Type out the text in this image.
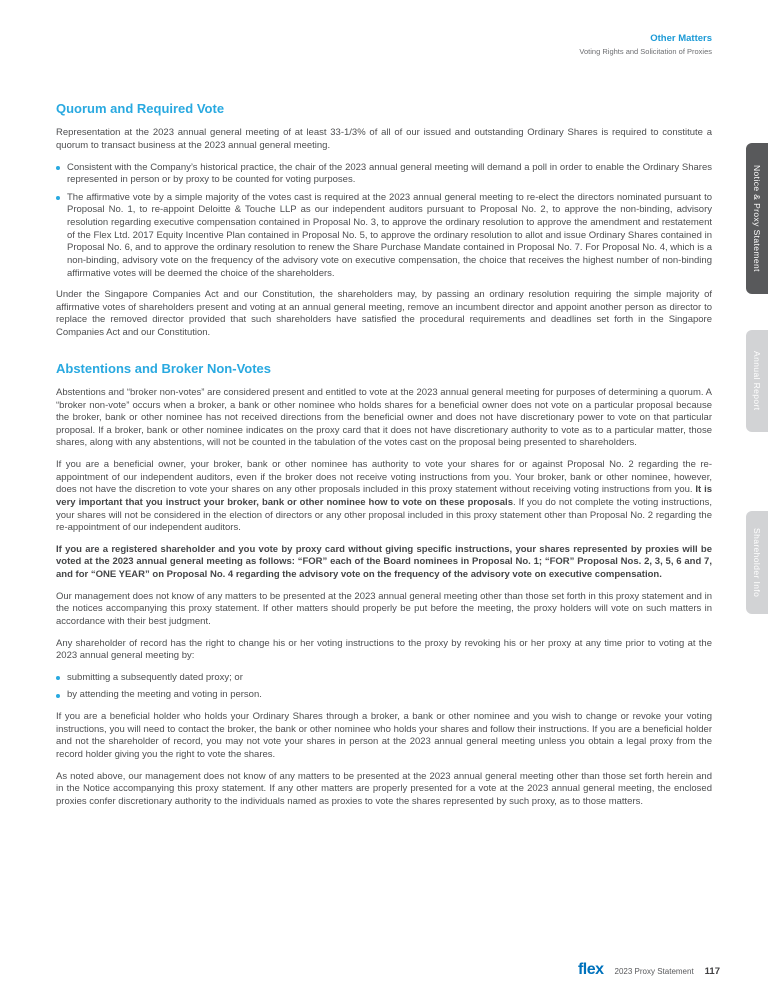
Other Matters
Voting Rights and Solicitation of Proxies
Quorum and Required Vote

Representation at the 2023 annual general meeting of at least 33-1/3% of all of our issued and outstanding Ordinary Shares is required to constitute a quorum to transact business at the 2023 annual general meeting.

Consistent with the Company’s historical practice, the chair of the 2023 annual general meeting will demand a poll in order to enable the Ordinary Shares represented in person or by proxy to be counted for voting purposes.
The affirmative vote by a simple majority of the votes cast is required at the 2023 annual general meeting to re-elect the directors nominated pursuant to Proposal No. 1, to re-appoint Deloitte & Touche LLP as our independent auditors pursuant to Proposal No. 2, to approve the non-binding, advisory resolution regarding executive compensation contained in Proposal No. 3, to approve the ordinary resolution to approve the amendment and restatement of the Flex Ltd. 2017 Equity Incentive Plan contained in Proposal No. 5, to approve the ordinary resolution to allot and issue Ordinary Shares contained in Proposal No. 6, and to approve the ordinary resolution to renew the Share Purchase Mandate contained in Proposal No. 7. For Proposal No. 4, which is a non-binding, advisory vote on the frequency of the advisory vote on executive compensation, the choice that receives the highest number of non-binding affirmative votes will be deemed the choice of the shareholders.

Under the Singapore Companies Act and our Constitution, the shareholders may, by passing an ordinary resolution requiring the simple majority of affirmative votes of shareholders present and voting at an annual general meeting, remove an incumbent director and appoint another person as director to replace the removed director provided that such shareholders have satisfied the procedural requirements and deadlines set forth in the Singapore Companies Act and our Constitution.

Abstentions and Broker Non-Votes

Abstentions and “broker non-votes” are considered present and entitled to vote at the 2023 annual general meeting for purposes of determining a quorum. A “broker non-vote” occurs when a broker, a bank or other nominee who holds shares for a beneficial owner does not vote on a particular proposal because the broker, bank or other nominee has not received directions from the beneficial owner and does not have discretionary power to vote on that particular proposal. If a broker, bank or other nominee indicates on the proxy card that it does not have discretionary authority to vote as to a particular matter, those shares, along with any abstentions, will not be counted in the tabulation of the votes cast on the proposal being presented to shareholders.

If you are a beneficial owner, your broker, bank or other nominee has authority to vote your shares for or against Proposal No. 2 regarding the re-appointment of our independent auditors, even if the broker does not receive voting instructions from you. Your broker, bank or other nominee, however, does not have the discretion to vote your shares on any other proposals included in this proxy statement without receiving voting instructions from you. It is very important that you instruct your broker, bank or other nominee how to vote on these proposals. If you do not complete the voting instructions, your shares will not be considered in the election of directors or any other proposal included in this proxy statement other than Proposal No. 2 regarding the re-appointment of our independent auditors.

If you are a registered shareholder and you vote by proxy card without giving specific instructions, your shares represented by proxies will be voted at the 2023 annual general meeting as follows: “FOR” each of the Board nominees in Proposal No. 1; “FOR” Proposal Nos. 2, 3, 5, 6 and 7, and for “ONE YEAR” on Proposal No. 4 regarding the advisory vote on the frequency of the advisory vote on executive compensation.

Our management does not know of any matters to be presented at the 2023 annual general meeting other than those set forth in this proxy statement and in the notices accompanying this proxy statement. If other matters should properly be put before the meeting, the proxy holders will vote on such matters in accordance with their best judgment.

Any shareholder of record has the right to change his or her voting instructions to the proxy by revoking his or her proxy at any time prior to voting at the 2023 annual general meeting by:

submitting a subsequently dated proxy; or
by attending the meeting and voting in person.

If you are a beneficial holder who holds your Ordinary Shares through a broker, a bank or other nominee and you wish to change or revoke your voting instructions, you will need to contact the broker, the bank or other nominee who holds your shares and follow their instructions. If you are a beneficial holder and not the shareholder of record, you may not vote your shares in person at the 2023 annual general meeting unless you obtain a legal proxy from the record holder giving you the right to vote the shares.

As noted above, our management does not know of any matters to be presented at the 2023 annual general meeting other than those set forth herein and in the Notice accompanying this proxy statement. If any other matters are properly presented for a vote at the 2023 annual general meeting, the enclosed proxies confer discretionary authority to the individuals named as proxies to vote the shares represented by such proxy, as to those matters.

Notice & Proxy Statement
Annual Report
Shareholder Info
flex 2023 Proxy Statement 117
